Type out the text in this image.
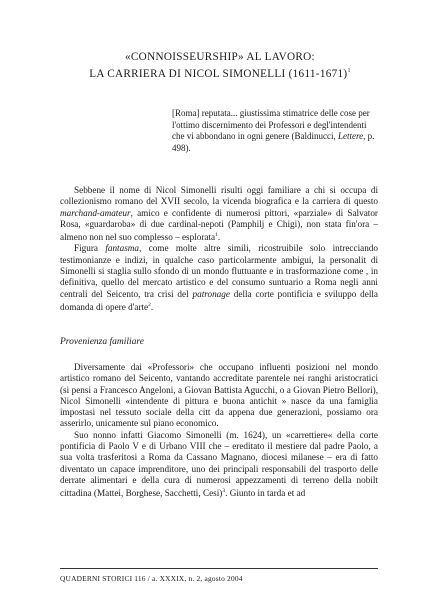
«CONNOISSEURSHIP» AL LAVORO:
LA CARRIERA DI NICOL SIMONELLI (1611-1671)$^1$

[Roma] reputata... giustissima stimatrice delle cose per l'ottimo discernimento dei Professori e degl'intendenti che vi abbondano in ogni genere (Baldinucci, Lettere, p. 498).

Sebbene il nome di Nicol Simonelli risulti oggi familiare a chi si occupa di collezionismo romano del XVII secolo, la vicenda biografica e la carriera di questo marchand-amateur, amico e confidente di numerosi pittori, «parziale» di Salvator Rosa, «guardaroba» di due cardinal-nepoti (Pamphilj e Chigi), non stata fin'ora – almeno non nel suo complesso – esplorata$^1$.

Figura fantasma, come molte altre simili, ricostruibile solo intrecciando testimonianze e indizi, in qualche caso particolarmente ambigui, la personalit di Simonelli si staglia sullo sfondo di un mondo fluttuante e in trasformazione come , in definitiva, quello del mercato artistico e del consumo suntuario a Roma negli anni centrali del Seicento, tra crisi del patronage della corte pontificia e sviluppo della domanda di opere d'arte$^2$.

Provenienza familiare

Diversamente dai «Professori» che occupano influenti posizioni nel mondo artistico romano del Seicento, vantando accreditate parentele nei ranghi aristocratici (si pensi a Francesco Angeloni, a Giovan Battista Agucchi, o a Giovan Pietro Bellori), Nicol Simonelli «intendente di pittura e buona antichit » nasce da una famiglia impostasi nel tessuto sociale della citt da appena due generazioni, possiamo ora asserirlo, unicamente sul piano economico.

Suo nonno infatti Giacomo Simonelli (m. 1624), un «carrettiere« della corte pontificia di Paolo V e di Urbano VIII che – ereditato il mestiere dal padre Paolo, a sua volta trasferitosi a Roma da Cassano Magnano, diocesi milanese – era di fatto diventato un capace imprenditore, uno dei principali responsabili del trasporto delle derrate alimentari e della cura di numerosi appezzamenti di terreno della nobilt cittadina (Mattei, Borghese, Sacchetti, Cesi)$^3$. Giunto in tarda et ad

QUADERNI STORICI 116 / a. XXXIX, n. 2, agosto 2004
